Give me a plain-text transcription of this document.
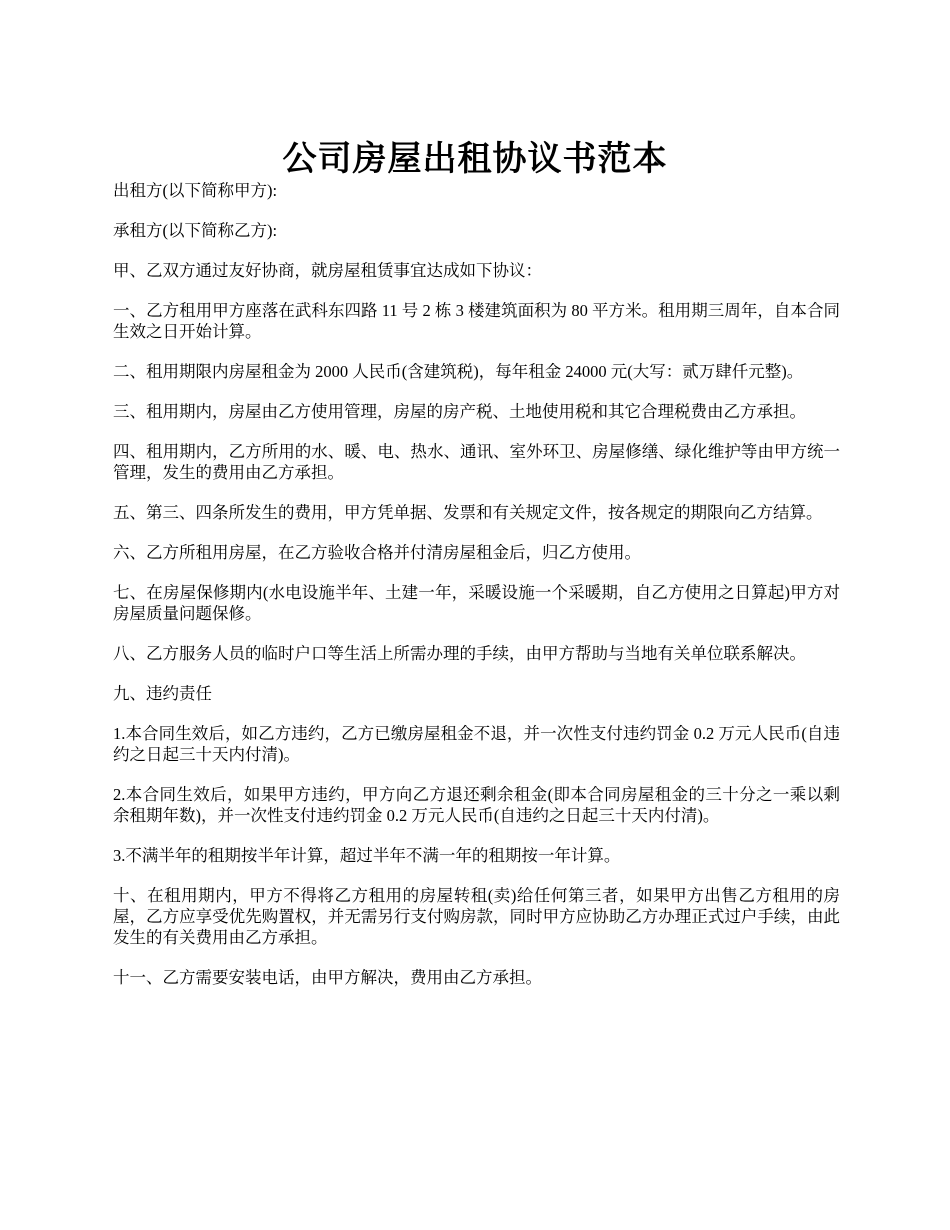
公司房屋出租协议书范本

出租方(以下简称甲方):

承租方(以下简称乙方):

甲、乙双方通过友好协商，就房屋租赁事宜达成如下协议：

一、乙方租用甲方座落在武科东四路 11 号 2 栋 3 楼建筑面积为 80 平方米。租用期三周年，自本合同生效之日开始计算。

二、租用期限内房屋租金为 2000 人民币(含建筑税)，每年租金 24000 元(大写：贰万肆仟元整)。

三、租用期内，房屋由乙方使用管理，房屋的房产税、土地使用税和其它合理税费由乙方承担。

四、租用期内，乙方所用的水、暖、电、热水、通讯、室外环卫、房屋修缮、绿化维护等由甲方统一管理，发生的费用由乙方承担。

五、第三、四条所发生的费用，甲方凭单据、发票和有关规定文件，按各规定的期限向乙方结算。

六、乙方所租用房屋，在乙方验收合格并付清房屋租金后，归乙方使用。

七、在房屋保修期内(水电设施半年、土建一年，采暖设施一个采暖期，自乙方使用之日算起)甲方对房屋质量问题保修。

八、乙方服务人员的临时户口等生活上所需办理的手续，由甲方帮助与当地有关单位联系解决。

九、违约责任

1.本合同生效后，如乙方违约，乙方已缴房屋租金不退，并一次性支付违约罚金 0.2 万元人民币(自违约之日起三十天内付清)。

2.本合同生效后，如果甲方违约，甲方向乙方退还剩余租金(即本合同房屋租金的三十分之一乘以剩余租期年数)，并一次性支付违约罚金 0.2 万元人民币(自违约之日起三十天内付清)。

3.不满半年的租期按半年计算，超过半年不满一年的租期按一年计算。

十、在租用期内，甲方不得将乙方租用的房屋转租(卖)给任何第三者，如果甲方出售乙方租用的房屋，乙方应享受优先购置权，并无需另行支付购房款，同时甲方应协助乙方办理正式过户手续，由此发生的有关费用由乙方承担。

十一、乙方需要安装电话，由甲方解决，费用由乙方承担。
